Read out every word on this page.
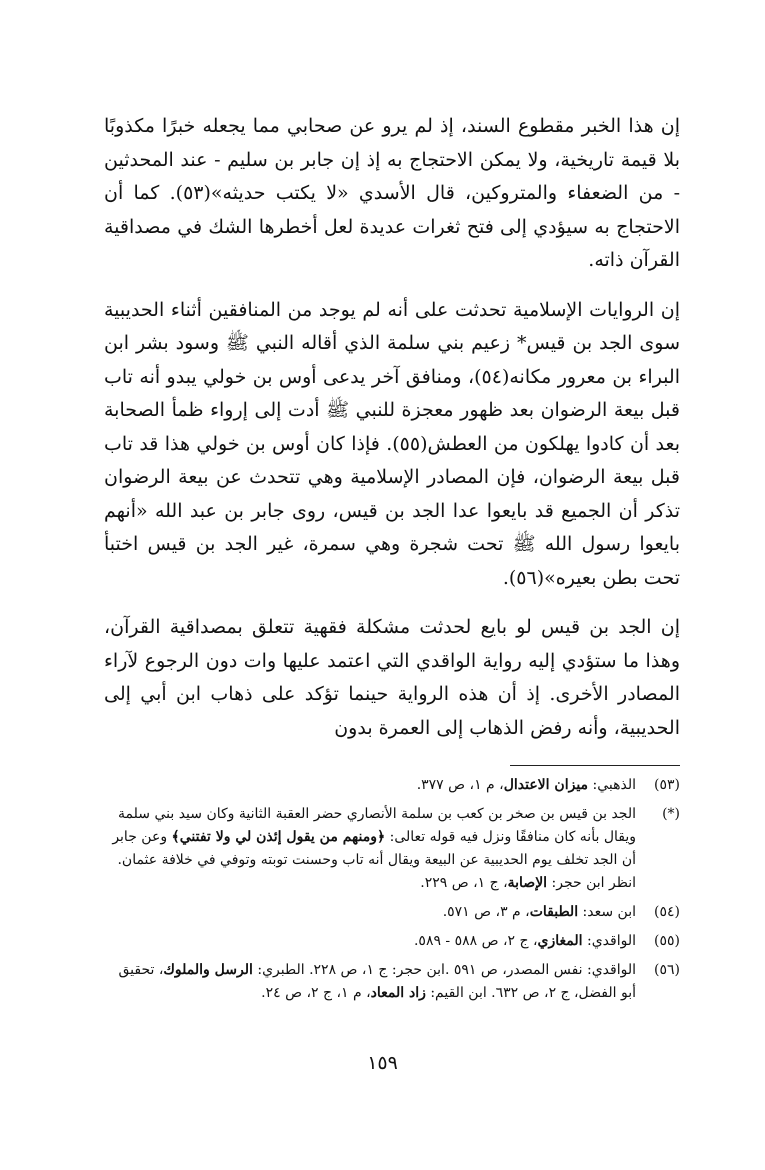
إن هذا الخبر مقطوع السند، إذ لم يرو عن صحابي مما يجعله خبرًا مكذوبًا بلا قيمة تاريخية، ولا يمكن الاحتجاج به إذ إن جابر بن سليم - عند المحدثين - من الضعفاء والمتروكين، قال الأسدي «لا يكتب حديثه»(٥٣). كما أن الاحتجاج به سيؤدي إلى فتح ثغرات عديدة لعل أخطرها الشك في مصداقية القرآن ذاته.

إن الروايات الإسلامية تحدثت على أنه لم يوجد من المنافقين أثناء الحديبية سوى الجد بن قيس* زعيم بني سلمة الذي أقاله النبي ﷺ وسود بشر ابن البراء بن معرور مكانه(٥٤)، ومنافق آخر يدعى أوس بن خولي يبدو أنه تاب قبل بيعة الرضوان بعد ظهور معجزة للنبي ﷺ أدت إلى إرواء ظمأ الصحابة بعد أن كادوا يهلكون من العطش(٥٥). فإذا كان أوس بن خولي هذا قد تاب قبل بيعة الرضوان، فإن المصادر الإسلامية وهي تتحدث عن بيعة الرضوان تذكر أن الجميع قد بايعوا عدا الجد بن قيس، روى جابر بن عبد الله «أنهم بايعوا رسول الله ﷺ تحت شجرة وهي سمرة، غير الجد بن قيس اختبأ تحت بطن بعيره»(٥٦).

إن الجد بن قيس لو بايع لحدثت مشكلة فقهية تتعلق بمصداقية القرآن، وهذا ما ستؤدي إليه رواية الواقدي التي اعتمد عليها وات دون الرجوع لآراء المصادر الأخرى. إذ أن هذه الرواية حينما تؤكد على ذهاب ابن أبي إلى الحديبية، وأنه رفض الذهاب إلى العمرة بدون

(٥٣)
الذهبي: ميزان الاعتدال، م ١، ص ٣٧٧.
(*)
الجد بن قيس بن صخر بن كعب بن سلمة الأنصاري حضر العقبة الثانية وكان سيد بني سلمة ويقال بأنه كان منافقًا ونزل فيه قوله تعالى: ﴿ومنهم من يقول إئذن لي ولا تفتني﴾ وعن جابر أن الجد تخلف يوم الحديبية عن البيعة ويقال أنه تاب وحسنت توبته وتوفي في خلافة عثمان. انظر ابن حجر: الإصابة، ج ١، ص ٢٢٩.
(٥٤)
ابن سعد: الطبقات، م ٣، ص ٥٧١.
(٥٥)
الواقدي: المغازي، ج ٢، ص ٥٨٨ - ٥٨٩.
(٥٦)
الواقدي: نفس المصدر، ص ٥٩١ .ابن حجر: ج ١، ص ٢٢٨. الطبري: الرسل والملوك، تحقيق أبو الفضل، ج ٢، ص ٦٣٢. ابن القيم: زاد المعاد، م ١، ج ٢، ص ٢٤.
١٥٩
